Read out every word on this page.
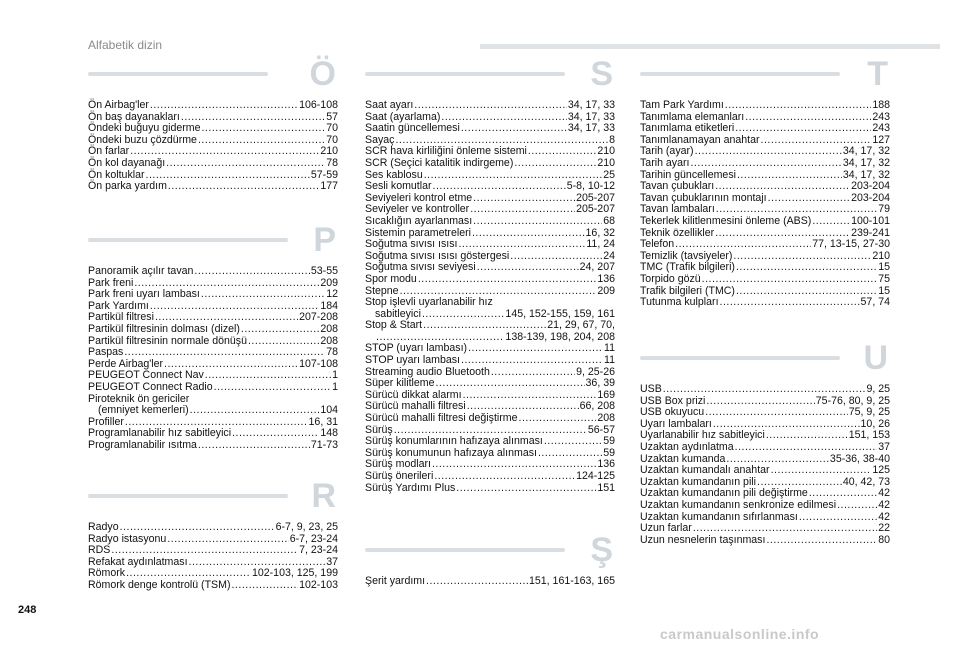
Alfabetik dizin
Ö
Ön Airbag'ler .....	106-108
Ön baş dayanakları .....	57
Öndeki buğuyu giderme .....	70
Öndeki buzu çözdürme .....	70
Ön farlar .....	210
Ön kol dayanağı .....	78
Ön koltuklar .....	57-59
Ön parka yardım .....	177
P
Panoramik açılır tavan .....	53-55
Park freni .....	209
Park freni uyarı lambası .....	12
Park Yardımı .....	184
Partikül filtresi .....	207-208
Partikül filtresinin dolması (dizel) .....	208
Partikül filtresinin normale dönüşü .....	208
Paspas .....	78
Perde Airbag'ler .....	107-108
PEUGEOT Connect Nav .....	1
PEUGEOT Connect Radio .....	1
Piroteknik ön gericiler
(emniyet kemerleri) .....	104
Profiller .....	16, 31
Programlanabilir hız sabitleyici .....	148
Programlanabilir ısıtma .....	71-73
R
Radyo .....	6-7, 9, 23, 25
Radyo istasyonu .....	6-7, 23-24
RDS .....	7, 23-24
Refakat aydınlatması .....	37
Römork .....	102-103, 125, 199
Römork denge kontrolü (TSM) .....	102-103
S
Saat ayarı .....	34, 17, 33
Saat (ayarlama) .....	34, 17, 33
Saatin güncellemesi .....	34, 17, 33
Sayaç .....	8
SCR hava kirliliğini önleme sistemi .....	210
SCR (Seçici katalitik indirgeme) .....	210
Ses kablosu .....	25
Sesli komutlar .....	5-8, 10-12
Seviyeleri kontrol etme .....	205-207
Seviyeler ve kontroller .....	205-207
Sıcaklığın ayarlanması .....	68
Sistemin parametreleri .....	16, 32
Soğutma sıvısı ısısı .....	11, 24
Soğutma sıvısı ısısı göstergesi .....	24
Soğutma sıvısı seviyesi .....	24, 207
Spor modu .....	136
Stepne .....	209
Stop işlevli uyarlanabilir hız
sabitleyici .....	145, 152-155, 159, 161
Stop & Start .....	21, 29, 67, 70,
.....
138-139, 198, 204, 208
STOP (uyarı lambası) .....	11
STOP uyarı lambası .....	11
Streaming audio Bluetooth .....	9, 25-26
Süper kilitleme .....	36, 39
Sürücü dikkat alarmı .....	169
Sürücü mahalli filtresi .....	66, 208
Sürücü mahalli filtresi değiştirme .....	208
Sürüş .....	56-57
Sürüş konumlarının hafızaya alınması .....	59
Sürüş konumunun hafızaya alınması .....	59
Sürüş modları .....	136
Sürüş önerileri .....	124-125
Sürüş Yardımı Plus .....	151
Ş
Şerit yardımı .....	151, 161-163, 165
T
Tam Park Yardımı .....	188
Tanımlama elemanları .....	243
Tanımlama etiketleri .....	243
Tanımlanamayan anahtar .....	127
Tarih (ayar) .....	34, 17, 32
Tarih ayarı .....	34, 17, 32
Tarihin güncellemesi .....	34, 17, 32
Tavan çubukları .....	203-204
Tavan çubuklarının montajı .....	203-204
Tavan lambaları .....	79
Tekerlek kilitlenmesini önleme (ABS) .....	100-101
Teknik özellikler .....	239-241
Telefon .....	77, 13-15, 27-30
Temizlik (tavsiyeler) .....	210
TMC (Trafik bilgileri) .....	15
Torpido gözü .....	75
Trafik bilgileri (TMC) .....	15
Tutunma kulpları .....	57, 74
U
USB .....	9, 25
USB Box prizi .....	75-76, 80, 9, 25
USB okuyucu .....	75, 9, 25
Uyarı lambaları .....	10, 26
Uyarlanabilir hız sabitleyici .....	151, 153
Uzaktan aydınlatma .....	37
Uzaktan kumanda .....	35-36, 38-40
Uzaktan kumandalı anahtar .....	125
Uzaktan kumandanın pili .....	40, 42, 73
Uzaktan kumandanın pili değiştirme .....	42
Uzaktan kumandanın senkronize edilmesi .....	42
Uzaktan kumandanın sıfırlanması .....	42
Uzun farlar .....	22
Uzun nesnelerin taşınması .....	80
248
carmanualsonline.info
